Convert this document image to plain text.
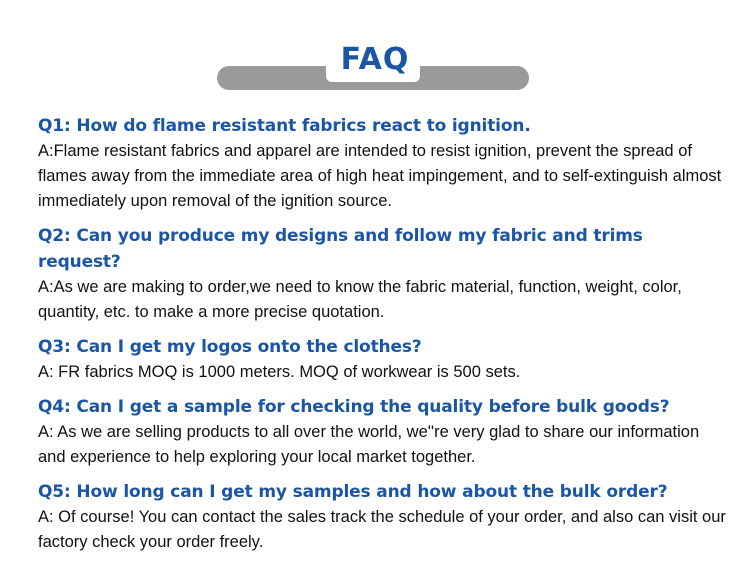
FAQ

Q1: How do flame resistant fabrics react to ignition.

A:Flame resistant fabrics and apparel are intended to resist ignition, prevent the spread of flames away from the immediate area of high heat impingement, and to self-extinguish almost immediately upon removal of the ignition source.

Q2: Can you produce my designs and follow my fabric and trims request?

A:As we are making to order,we need to know the fabric material, function, weight, color, quantity, etc. to make a more precise quotation.

Q3: Can I get my logos onto the clothes?

A: FR fabrics MOQ is 1000 meters. MOQ of workwear is 500 sets.

Q4: Can I get a sample for checking the quality before bulk goods?

A: As we are selling products to all over the world, we''re very glad to share our information and experience to help exploring your local market together.

Q5: How long can I get my samples and how about the bulk order?

A: Of course! You can contact the sales track the schedule of your order, and also can visit our factory check your order freely.
